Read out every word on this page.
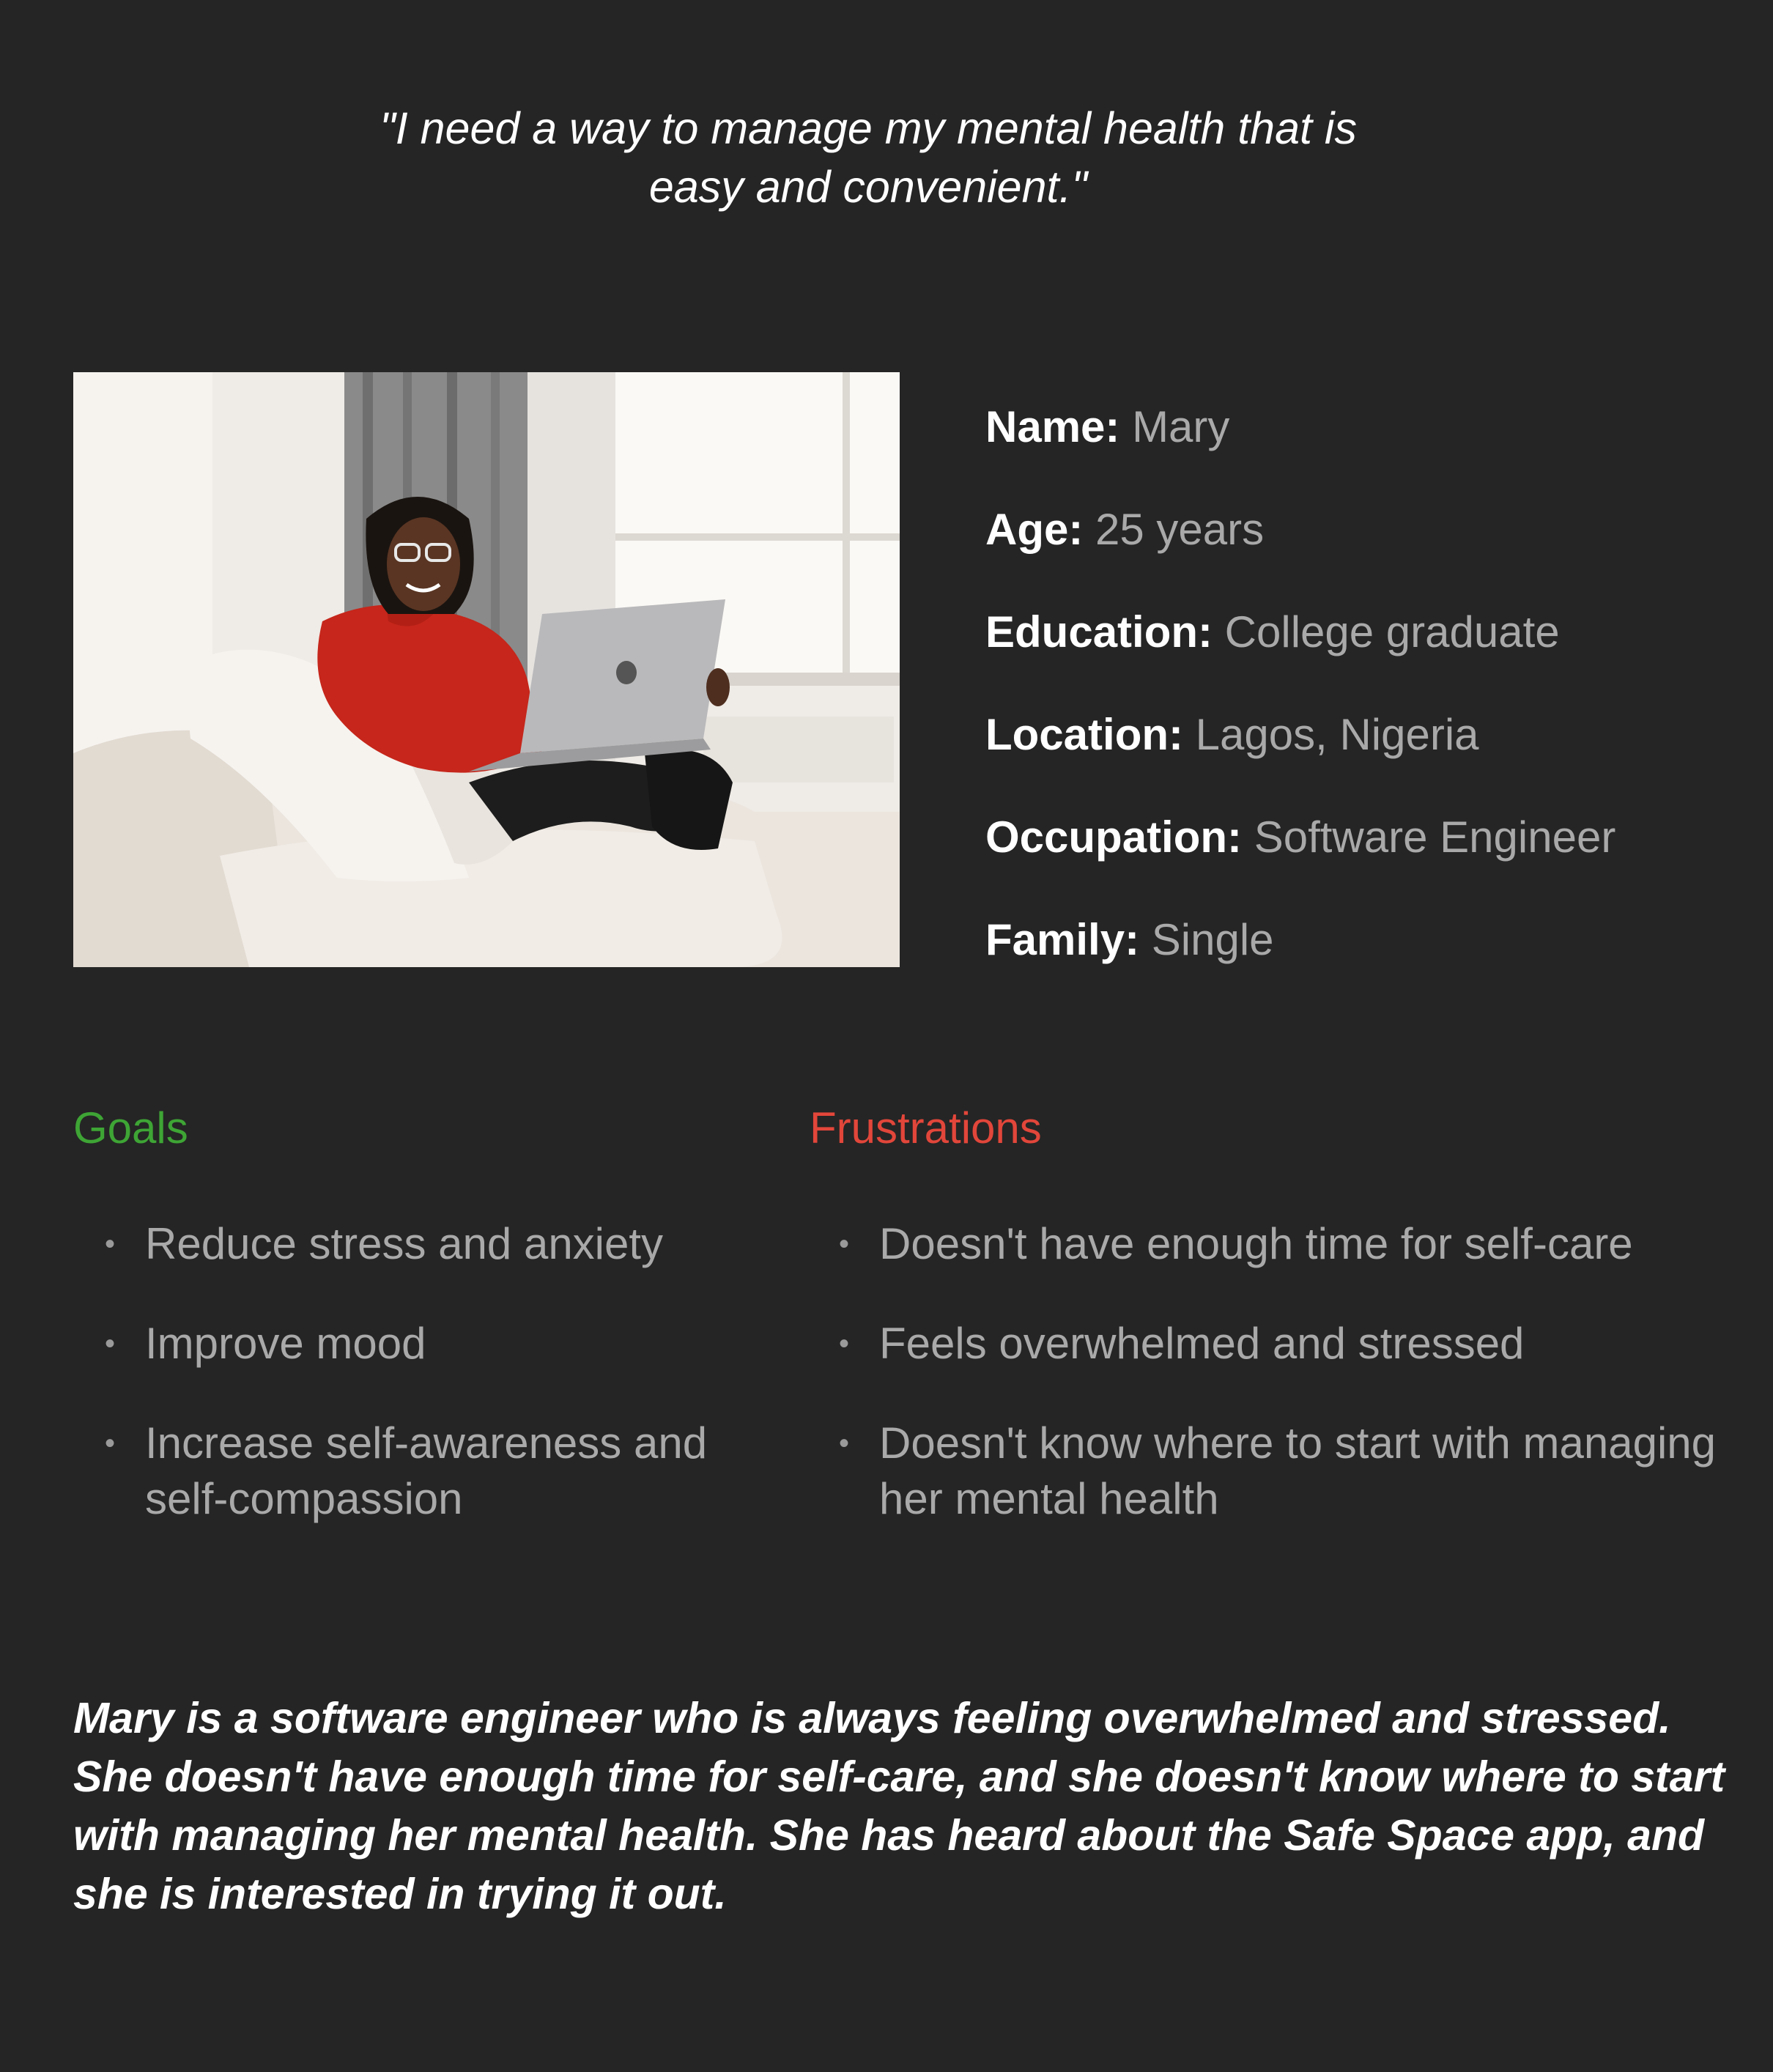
"I need a way to manage my mental health that is
easy and convenient."
Name: Mary
Age: 25 years
Education: College graduate
Location: Lagos, Nigeria
Occupation: Software Engineer
Family: Single
Goals
• Reduce stress and anxiety
• Improve mood
• Increase self-awareness and self-compassion
Frustrations
• Doesn't have enough time for self-care
• Feels overwhelmed and stressed
• Doesn't know where to start with managing her mental health

Mary is a software engineer who is always feeling overwhelmed and stressed. She doesn't have enough time for self-care, and she doesn't know where to start with managing her mental health. She has heard about the Safe Space app, and she is interested in trying it out.
